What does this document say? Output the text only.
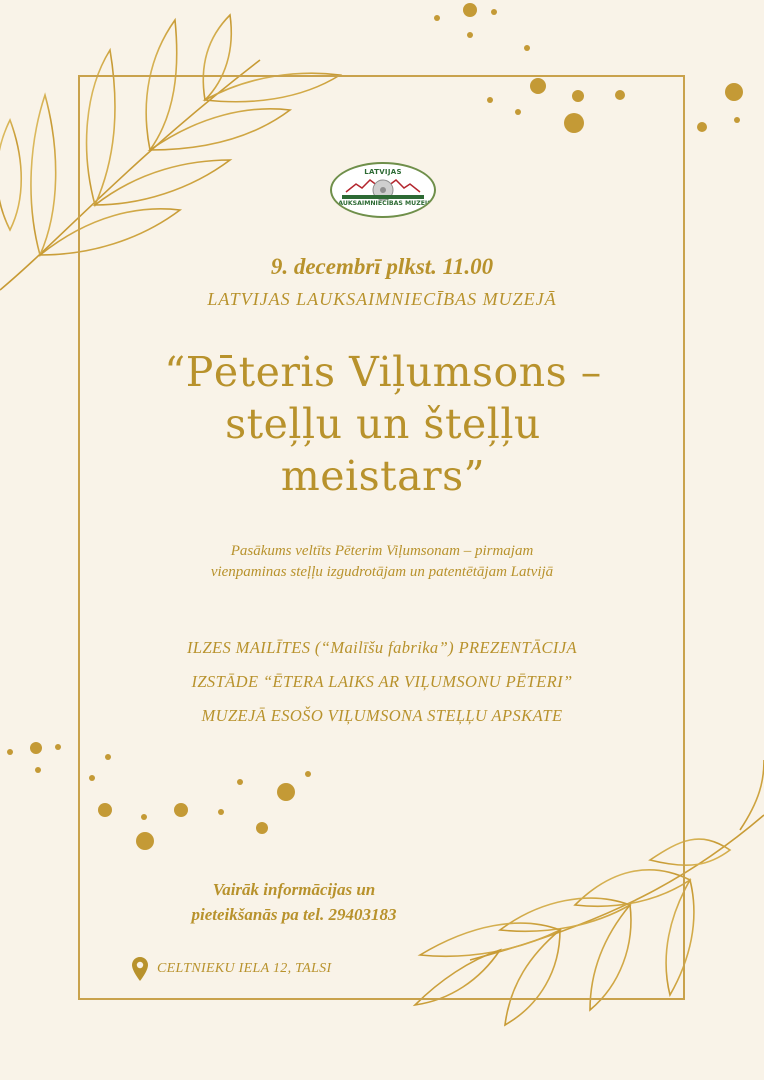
LATVIJAS
LAUKSAIMNIECĪBAS MUZEJS
9. decembrī plkst. 11.00
LATVIJAS LAUKSAIMNIECĪBAS MUZEJĀ
“Pēteris Viļumsons –
steļļu un šteļļu
meistars”
Pasākums veltīts Pēterim Viļumsonam – pirmajam
vienpaminas steļļu izgudrotājam un patentētājam Latvijā
ILZES MAILĪTES (“Mailīšu fabrika”) PREZENTĀCIJA
IZSTĀDE “ĒTERA LAIKS AR VIĻUMSONU PĒTERI”
MUZEJĀ ESOŠO VIĻUMSONA STEĻĻU APSKATE
Vairāk informācijas un
pieteikšanās pa tel. 29403183
CELTNIEKU IELA 12, TALSI
